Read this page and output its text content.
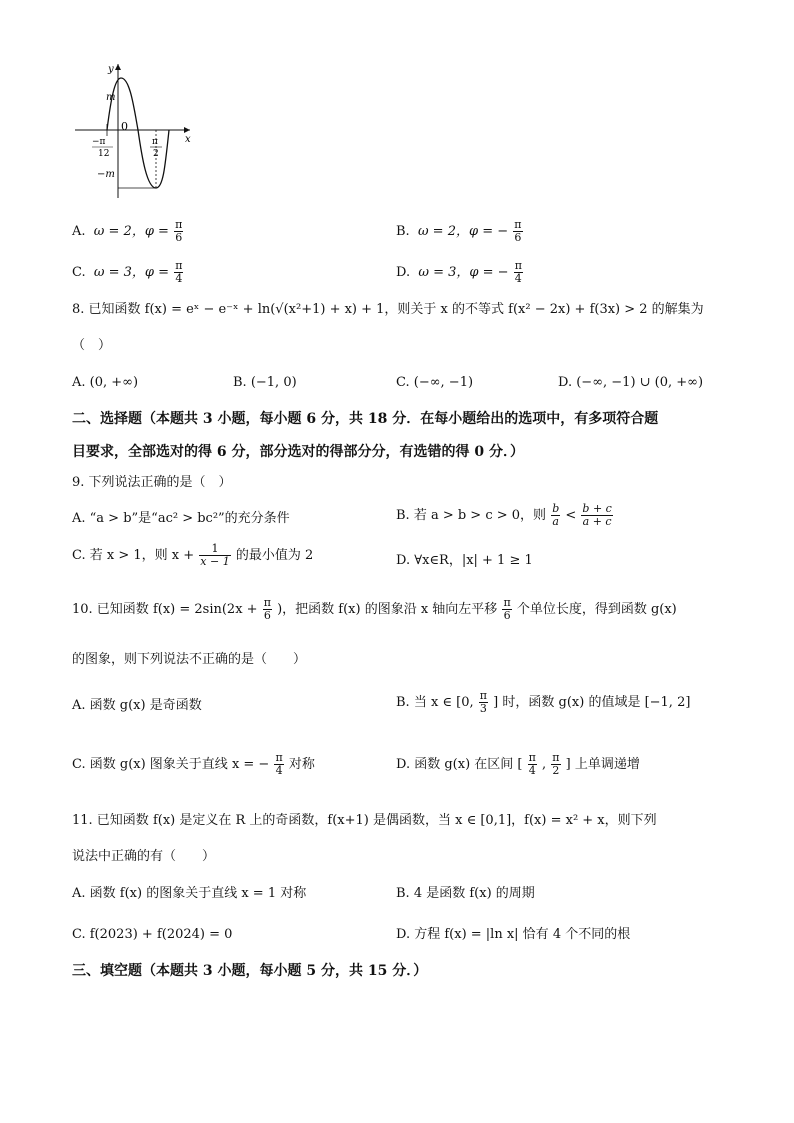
y
x
0
m
−m
−π
12
π
2
A. ω = 2，$\varphi = \frac{\pi}{6}$	B. ω = 2，φ = − $\frac{\pi}{6}$
C. ω = 3，$\varphi = \frac{\pi}{4}$	D. ω = 3，φ = − $\frac{\pi}{4}$
8. 已知函数 f(x) = eˣ − e⁻ˣ + ln(√(x²+1) + x) + 1，则关于 x 的不等式 f(x² − 2x) + f(3x) > 2 的解集为
（　）
A. (0, +∞)	B. (−1, 0)	C. (−∞, −1)	D. (−∞, −1) ∪ (0, +∞)
二、选择题（本题共 3 小题，每小题 6 分，共 18 分．在每小题给出的选项中，有多项符合题
目要求，全部选对的得 6 分，部分选对的得部分分，有选错的得 0 分．）
9. 下列说法正确的是（　）
A. “a > b”是“ac² > bc²”的充分条件	B. 若 a > b > c > 0，则 $\frac{b}{a} < \frac{b + c}{a + c}$
C. 若 x > 1，则 $x + \frac{1}{x - 1}$ 的最小值为 2	D. ∀x∈R，|x| + 1 ≥ 1
10. 已知函数 $f(x) = 2\sin(2x + \frac{\pi}{6}$ )，把函数 f(x) 的图象沿 x 轴向左平移 $\frac{\pi}{6}$ 个单位长度，得到函数 g(x)
的图象，则下列说法不正确的是（　　）
A. 函数 g(x) 是奇函数	B. 当 x ∈ [0, $\frac{\pi}{3}$ ] 时，函数 g(x) 的值域是 [−1, 2]
C. 函数 g(x) 图象关于直线 x = − $\frac{\pi}{4}$ 对称	D. 函数 g(x) 在区间 [ $\frac{\pi}{4}$ , $\frac{\pi}{2}$ ] 上单调递增
11. 已知函数 f(x) 是定义在 R 上的奇函数，f(x+1) 是偶函数，当 x ∈ [0,1]，f(x) = x² + x，则下列
说法中正确的有（　　）
A. 函数 f(x) 的图象关于直线 x = 1 对称	B. 4 是函数 f(x) 的周期
C. f(2023) + f(2024) = 0	D. 方程 f(x) = |ln x| 恰有 4 个不同的根
三、填空题（本题共 3 小题，每小题 5 分，共 15 分．）
